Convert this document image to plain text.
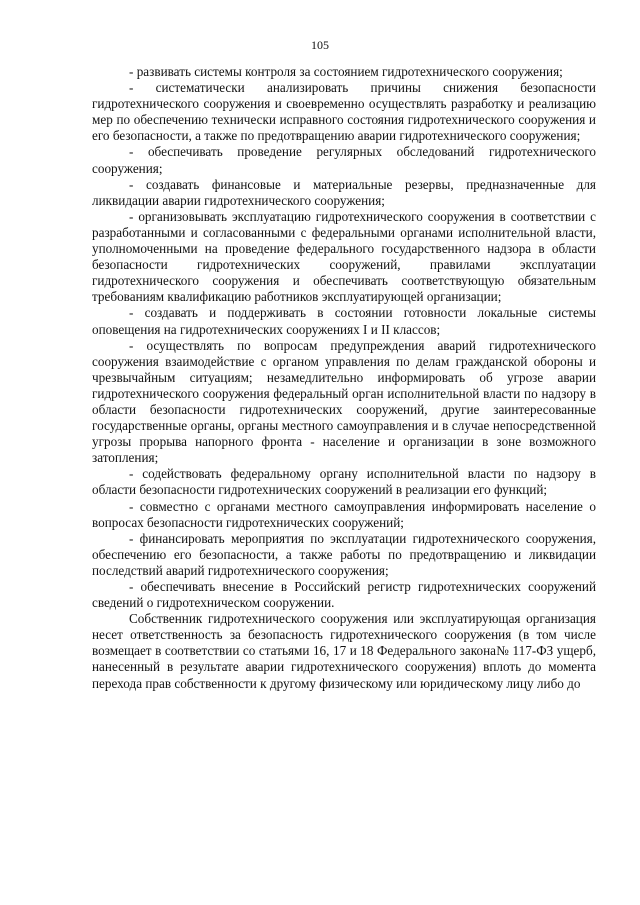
105

- развивать системы контроля за состоянием гидротехнического сооружения;

- систематически анализировать причины снижения безопасности гидротехнического сооружения и своевременно осуществлять разработку и реализацию мер по обеспечению технически исправного состояния гидротехнического сооружения и его безопасности, а также по предотвращению аварии гидротехнического сооружения;

- обеспечивать проведение регулярных обследований гидротехнического сооружения;

- создавать финансовые и материальные резервы, предназначенные для ликвидации аварии гидротехнического сооружения;

- организовывать эксплуатацию гидротехнического сооружения в соответствии с разработанными и согласованными с федеральными органами исполнительной власти, уполномоченными на проведение федерального государственного надзора в области безопасности гидротехнических сооружений, правилами эксплуатации гидротехнического сооружения и обеспечивать соответствующую обязательным требованиям квалификацию работников эксплуатирующей организации;

- создавать и поддерживать в состоянии готовности локальные системы оповещения на гидротехнических сооружениях I и II классов;

- осуществлять по вопросам предупреждения аварий гидротехнического сооружения взаимодействие с органом управления по делам гражданской обороны и чрезвычайным ситуациям; незамедлительно информировать об угрозе аварии гидротехнического сооружения федеральный орган исполнительной власти по надзору в области безопасности гидротехнических сооружений, другие заинтересованные государственные органы, органы местного самоуправления и в случае непосредственной угрозы прорыва напорного фронта - население и организации в зоне возможного затопления;

- содействовать федеральному органу исполнительной власти по надзору в области безопасности гидротехнических сооружений в реализации его функций;

- совместно с органами местного самоуправления информировать население о вопросах безопасности гидротехнических сооружений;

- финансировать мероприятия по эксплуатации гидротехнического сооружения, обеспечению его безопасности, а также работы по предотвращению и ликвидации последствий аварий гидротехнического сооружения;

- обеспечивать внесение в Российский регистр гидротехнических сооружений сведений о гидротехническом сооружении.

Собственник гидротехнического сооружения или эксплуатирующая организация несет ответственность за безопасность гидротехнического сооружения (в том числе возмещает в соответствии со статьями 16, 17 и 18 Федерального закона№ 117-ФЗ ущерб, нанесенный в результате аварии гидротехнического сооружения) вплоть до момента перехода прав собственности к другому физическому или юридическому лицу либо до
